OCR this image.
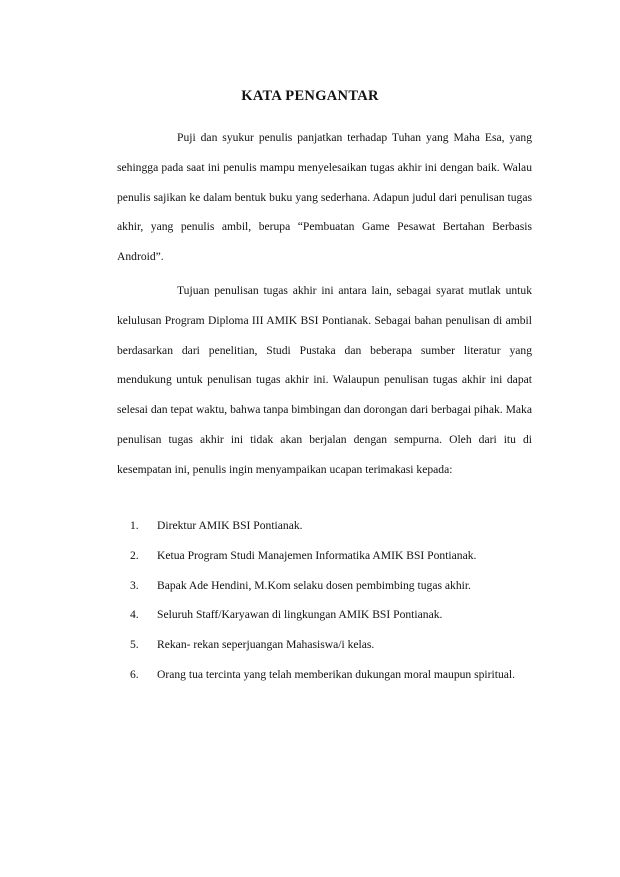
KATA PENGANTAR

Puji dan syukur penulis panjatkan terhadap Tuhan yang Maha Esa, yang sehingga pada saat ini penulis mampu menyelesaikan tugas akhir ini dengan baik. Walau penulis sajikan ke dalam bentuk buku yang sederhana. Adapun judul dari penulisan tugas akhir, yang penulis ambil, berupa “Pembuatan Game Pesawat Bertahan Berbasis Android”.

Tujuan penulisan tugas akhir ini antara lain, sebagai syarat mutlak untuk kelulusan Program Diploma III AMIK BSI Pontianak. Sebagai bahan penulisan di ambil berdasarkan dari penelitian, Studi Pustaka dan beberapa sumber literatur yang mendukung untuk penulisan tugas akhir ini. Walaupun penulisan tugas akhir ini dapat selesai dan tepat waktu, bahwa tanpa bimbingan dan dorongan dari berbagai pihak. Maka penulisan tugas akhir ini tidak akan berjalan dengan sempurna. Oleh dari itu di kesempatan ini, penulis ingin menyampaikan ucapan terimakasi kepada:

1.	Direktur AMIK BSI Pontianak.
2.	Ketua Program Studi Manajemen Informatika AMIK BSI Pontianak.
3.	Bapak Ade Hendini, M.Kom selaku dosen pembimbing tugas akhir.
4.	Seluruh Staff/Karyawan di lingkungan AMIK BSI Pontianak.
5.	Rekan- rekan seperjuangan Mahasiswa/i kelas.
6.	Orang tua tercinta yang telah memberikan dukungan moral maupun spiritual.
